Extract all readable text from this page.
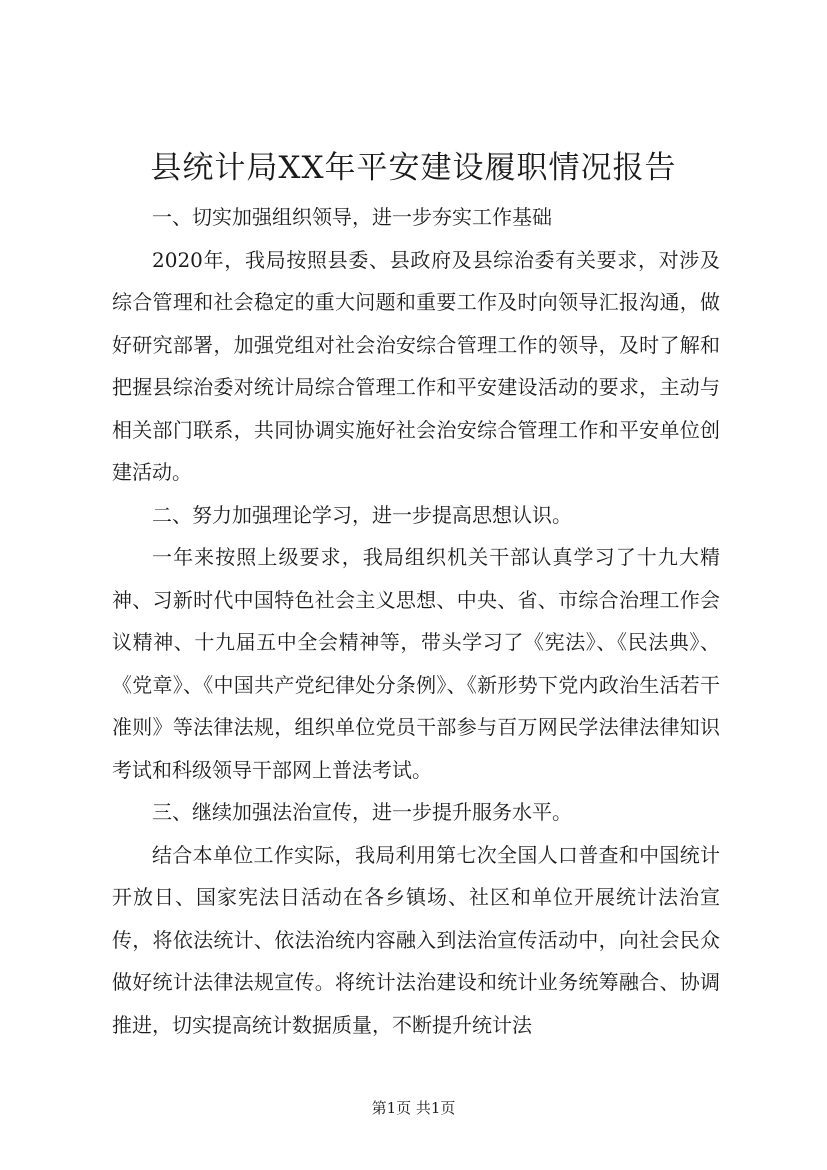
县统计局XX年平安建设履职情况报告

一、切实加强组织领导，进一步夯实工作基础

2020年，我局按照县委、县政府及县综治委有关要求，对涉及综合管理和社会稳定的重大问题和重要工作及时向领导汇报沟通，做好研究部署，加强党组对社会治安综合管理工作的领导，及时了解和把握县综治委对统计局综合管理工作和平安建设活动的要求，主动与相关部门联系，共同协调实施好社会治安综合管理工作和平安单位创建活动。

二、努力加强理论学习，进一步提高思想认识。

一年来按照上级要求，我局组织机关干部认真学习了十九大精神、习新时代中国特色社会主义思想、中央、省、市综合治理工作会议精神、十九届五中全会精神等，带头学习了《宪法》、《民法典》、《党章》、《中国共产党纪律处分条例》、《新形势下党内政治生活若干准则》等法律法规，组织单位党员干部参与百万网民学法律法律知识考试和科级领导干部网上普法考试。

三、继续加强法治宣传，进一步提升服务水平。

结合本单位工作实际，我局利用第七次全国人口普查和中国统计开放日、国家宪法日活动在各乡镇场、社区和单位开展统计法治宣传，将依法统计、依法治统内容融入到法治宣传活动中，向社会民众做好统计法律法规宣传。将统计法治建设和统计业务统筹融合、协调推进，切实提高统计数据质量，不断提升统计法

第1页 共1页
